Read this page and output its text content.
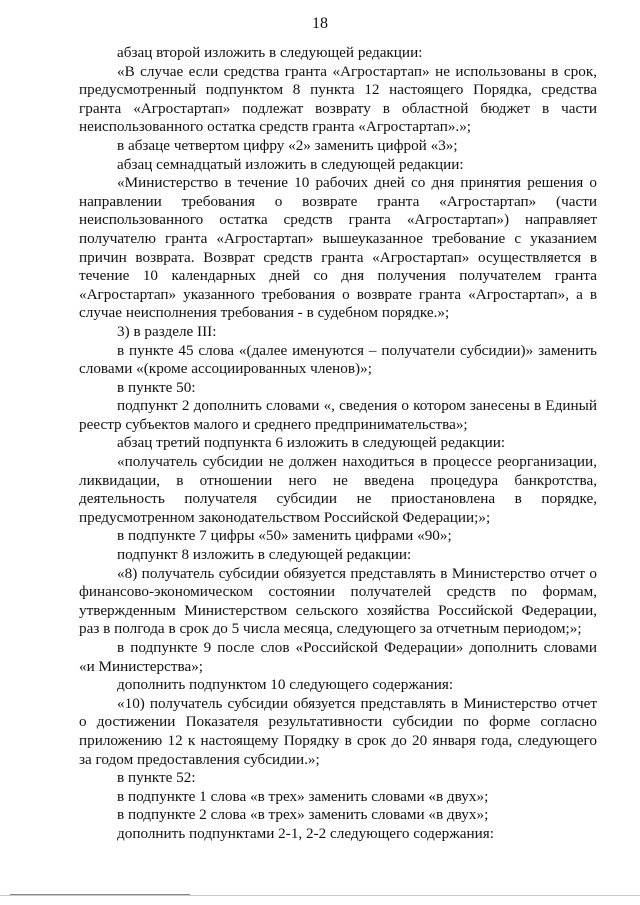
18

абзац второй изложить в следующей редакции:

«В случае если средства гранта «Агростартап» не использованы в срок, предусмотренный подпунктом 8 пункта 12 настоящего Порядка, средства гранта «Агростартап» подлежат возврату в областной бюджет в части неиспользованного остатка средств гранта «Агростартап».»;

в абзаце четвертом цифру «2» заменить цифрой «3»;

абзац семнадцатый изложить в следующей редакции:

«Министерство в течение 10 рабочих дней со дня принятия решения о направлении требования о возврате гранта «Агростартап» (части неиспользованного остатка средств гранта «Агростартап») направляет получателю гранта «Агростартап» вышеуказанное требование с указанием причин возврата. Возврат средств гранта «Агростартап» осуществляется в течение 10 календарных дней со дня получения получателем гранта «Агростартап» указанного требования о возврате гранта «Агростартап», а в случае неисполнения требования - в судебном порядке.»;

3) в разделе III:

в пункте 45 слова «(далее именуются – получатели субсидии)» заменить словами «(кроме ассоциированных членов)»;

в пункте 50:

подпункт 2 дополнить словами «, сведения о котором занесены в Единый реестр субъектов малого и среднего предпринимательства»;

абзац третий подпункта 6 изложить в следующей редакции:

«получатель субсидии не должен находиться в процессе реорганизации, ликвидации, в отношении него не введена процедура банкротства, деятельность получателя субсидии не приостановлена в порядке, предусмотренном законодательством Российской Федерации;»;

в подпункте 7 цифры «50» заменить цифрами «90»;

подпункт 8 изложить в следующей редакции:

«8) получатель субсидии обязуется представлять в Министерство отчет о финансово-экономическом состоянии получателей средств по формам, утвержденным Министерством сельского хозяйства Российской Федерации, раз в полгода в срок до 5 числа месяца, следующего за отчетным периодом;»;

в подпункте 9 после слов «Российской Федерации» дополнить словами «и Министерства»;

дополнить подпунктом 10 следующего содержания:

«10) получатель субсидии обязуется представлять в Министерство отчет о достижении Показателя результативности субсидии по форме согласно приложению 12 к настоящему Порядку в срок до 20 января года, следующего за годом предоставления субсидии.»;

в пункте 52:

в подпункте 1 слова «в трех» заменить словами «в двух»;

в подпункте 2 слова «в трех» заменить словами «в двух»;

дополнить подпунктами 2-1, 2-2 следующего содержания:
